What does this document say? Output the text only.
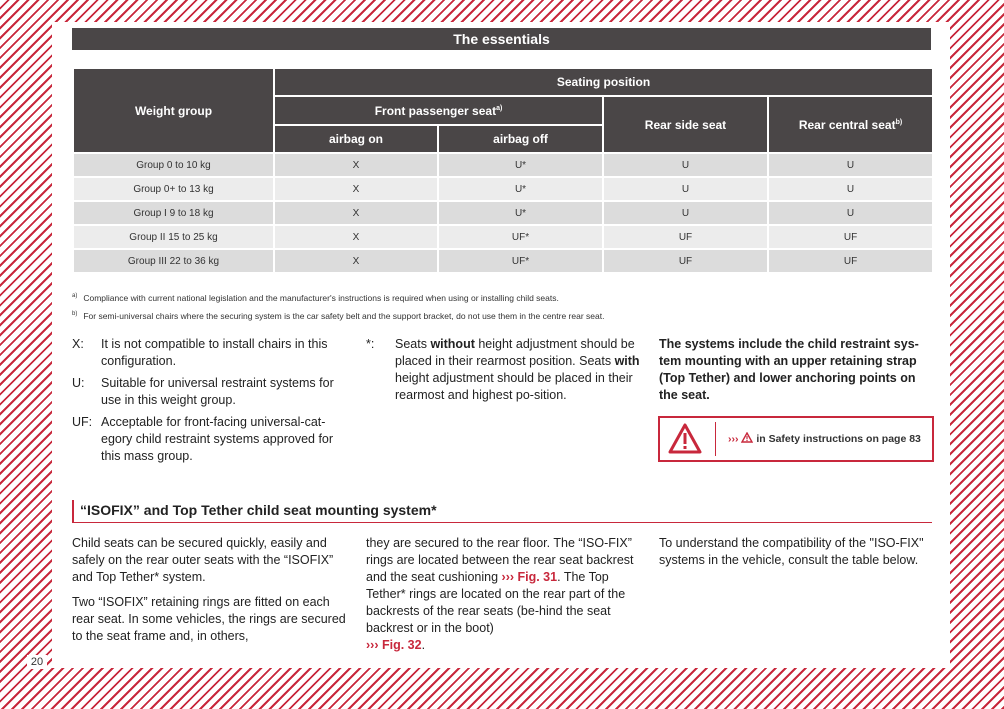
20
The essentials
Weight group	Seating position			
	Front passenger seat$^{a)}$		Rear side seat	Rear central seat$^{b)}$
	airbag on	airbag off		
Group 0 to 10 kg	X	U*	U	U
Group 0+ to 13 kg	X	U*	U	U
Group I 9 to 18 kg	X	U*	U	U
Group II 15 to 25 kg	X	UF*	UF	UF
Group III 22 to 36 kg	X	UF*	UF	UF
$^{a)}$ Compliance with current national legislation and the manufacturer's instructions is required when using or installing child seats.
$^{b)}$ For semi-universal chairs where the securing system is the car safety belt and the support bracket, do not use them in the centre rear seat.
X:	It is not compatible to install chairs in this configuration.
U:	Suitable for universal restraint systems for use in this weight group.
UF: Acceptable for front-facing universal-cat-egory child restraint systems approved for this mass group.
*:	Seats without height adjustment should be placed in their rearmost position. Seats with height adjustment should be placed in their rearmost and highest po-sition.
The systems include the child restraint sys-tem mounting with an upper retaining strap (Top Tether) and lower anchoring points on the seat.
››› in Safety instructions on page 83
“ISOFIX” and Top Tether child seat mounting system*

Child seats can be secured quickly, easily and safely on the rear outer seats with the “ISOFIX” and Top Tether* system.

Two “ISOFIX” retaining rings are fitted on each rear seat. In some vehicles, the rings are secured to the seat frame and, in others,

they are secured to the rear floor. The “ISO-FIX” rings are located between the rear seat backrest and the seat cushioning ››› Fig. 31. The Top Tether* rings are located on the rear part of the backrests of the rear seats (be-hind the seat backrest or in the boot)
››› Fig. 32.

To understand the compatibility of the "ISO-FIX" systems in the vehicle, consult the table below.
